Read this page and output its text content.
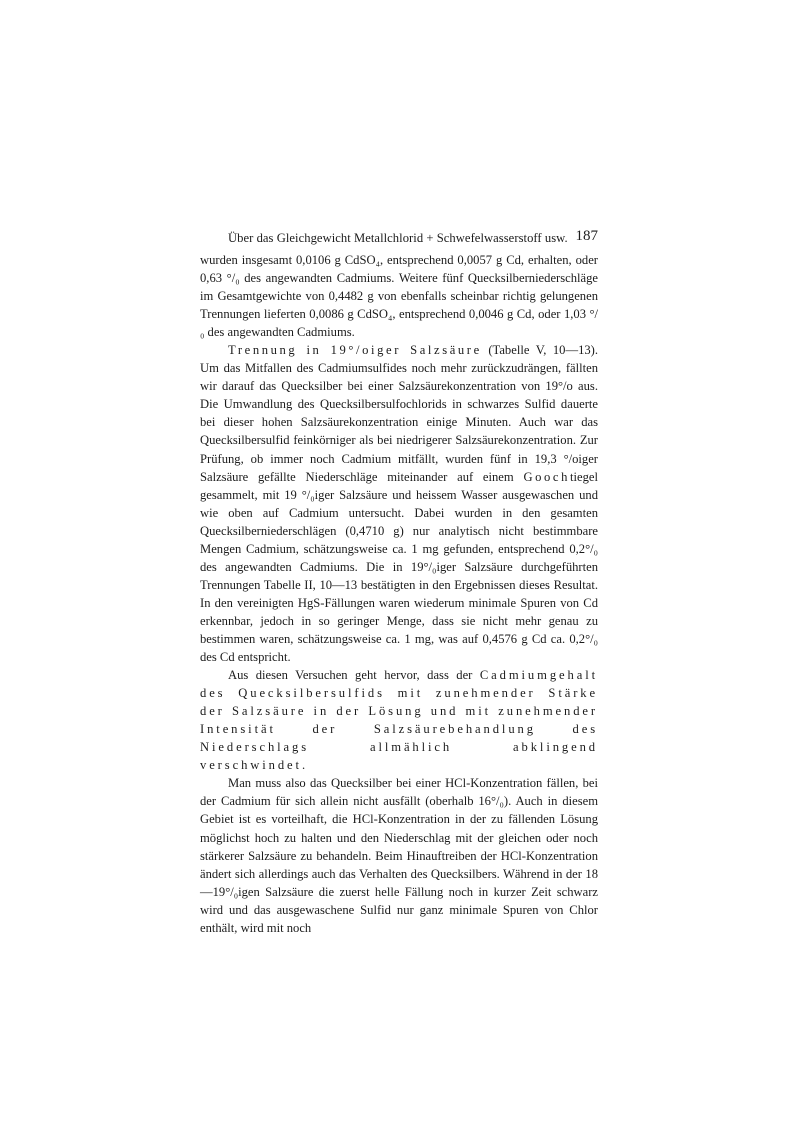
Über das Gleichgewicht Metallchlorid + Schwefelwasserstoff usw. 187

wurden insgesamt 0,0106 g CdSO₄, entsprechend 0,0057 g Cd, erhalten, oder 0,63 °/₀ des angewandten Cadmiums. Weitere fünf Quecksilberniederschläge im Gesamtgewichte von 0,4482 g von ebenfalls scheinbar richtig gelungenen Trennungen lieferten 0,0086 g CdSO₄, entsprechend 0,0046 g Cd, oder 1,03 °/₀ des angewandten Cadmiums.

Trennung in 19°/oiger Salzsäure (Tabelle V, 10—13). Um das Mitfallen des Cadmiumsulfides noch mehr zurückzudrängen, fällten wir darauf das Quecksilber bei einer Salzsäurekonzentration von 19°/o aus. Die Umwandlung des Quecksilbersulfochlorids in schwarzes Sulfid dauerte bei dieser hohen Salzsäurekonzentration einige Minuten. Auch war das Quecksilbersulfid feinkörniger als bei niedrigerer Salzsäurekonzentration. Zur Prüfung, ob immer noch Cadmium mitfällt, wurden fünf in 19,3 °/oiger Salzsäure gefällte Niederschläge miteinander auf einem Goochtiegel gesammelt, mit 19 °/₀iger Salzsäure und heissem Wasser ausgewaschen und wie oben auf Cadmium untersucht. Dabei wurden in den gesamten Quecksilberniederschlägen (0,4710 g) nur analytisch nicht bestimmbare Mengen Cadmium, schätzungsweise ca. 1 mg gefunden, entsprechend 0,2°/₀ des angewandten Cadmiums. Die in 19°/₀iger Salzsäure durchgeführten Trennungen Tabelle II, 10—13 bestätigten in den Ergebnissen dieses Resultat. In den vereinigten HgS-Fällungen waren wiederum minimale Spuren von Cd erkennbar, jedoch in so geringer Menge, dass sie nicht mehr genau zu bestimmen waren, schätzungsweise ca. 1 mg, was auf 0,4576 g Cd ca. 0,2°/₀ des Cd entspricht.

Aus diesen Versuchen geht hervor, dass der Cadmiumgehalt des Quecksilbersulfids mit zunehmender Stärke der Salzsäure in der Lösung und mit zunehmender Intensität der Salzsäurebehandlung des Niederschlags allmählich abklingend verschwindet.

Man muss also das Quecksilber bei einer HCl-Konzentration fällen, bei der Cadmium für sich allein nicht ausfällt (oberhalb 16°/₀). Auch in diesem Gebiet ist es vorteilhaft, die HCl-Konzentration in der zu fällenden Lösung möglichst hoch zu halten und den Niederschlag mit der gleichen oder noch stärkerer Salzsäure zu behandeln. Beim Hinauftreiben der HCl-Konzentration ändert sich allerdings auch das Verhalten des Quecksilbers. Während in der 18—19°/₀igen Salzsäure die zuerst helle Fällung noch in kurzer Zeit schwarz wird und das ausgewaschene Sulfid nur ganz minimale Spuren von Chlor enthält, wird mit noch
